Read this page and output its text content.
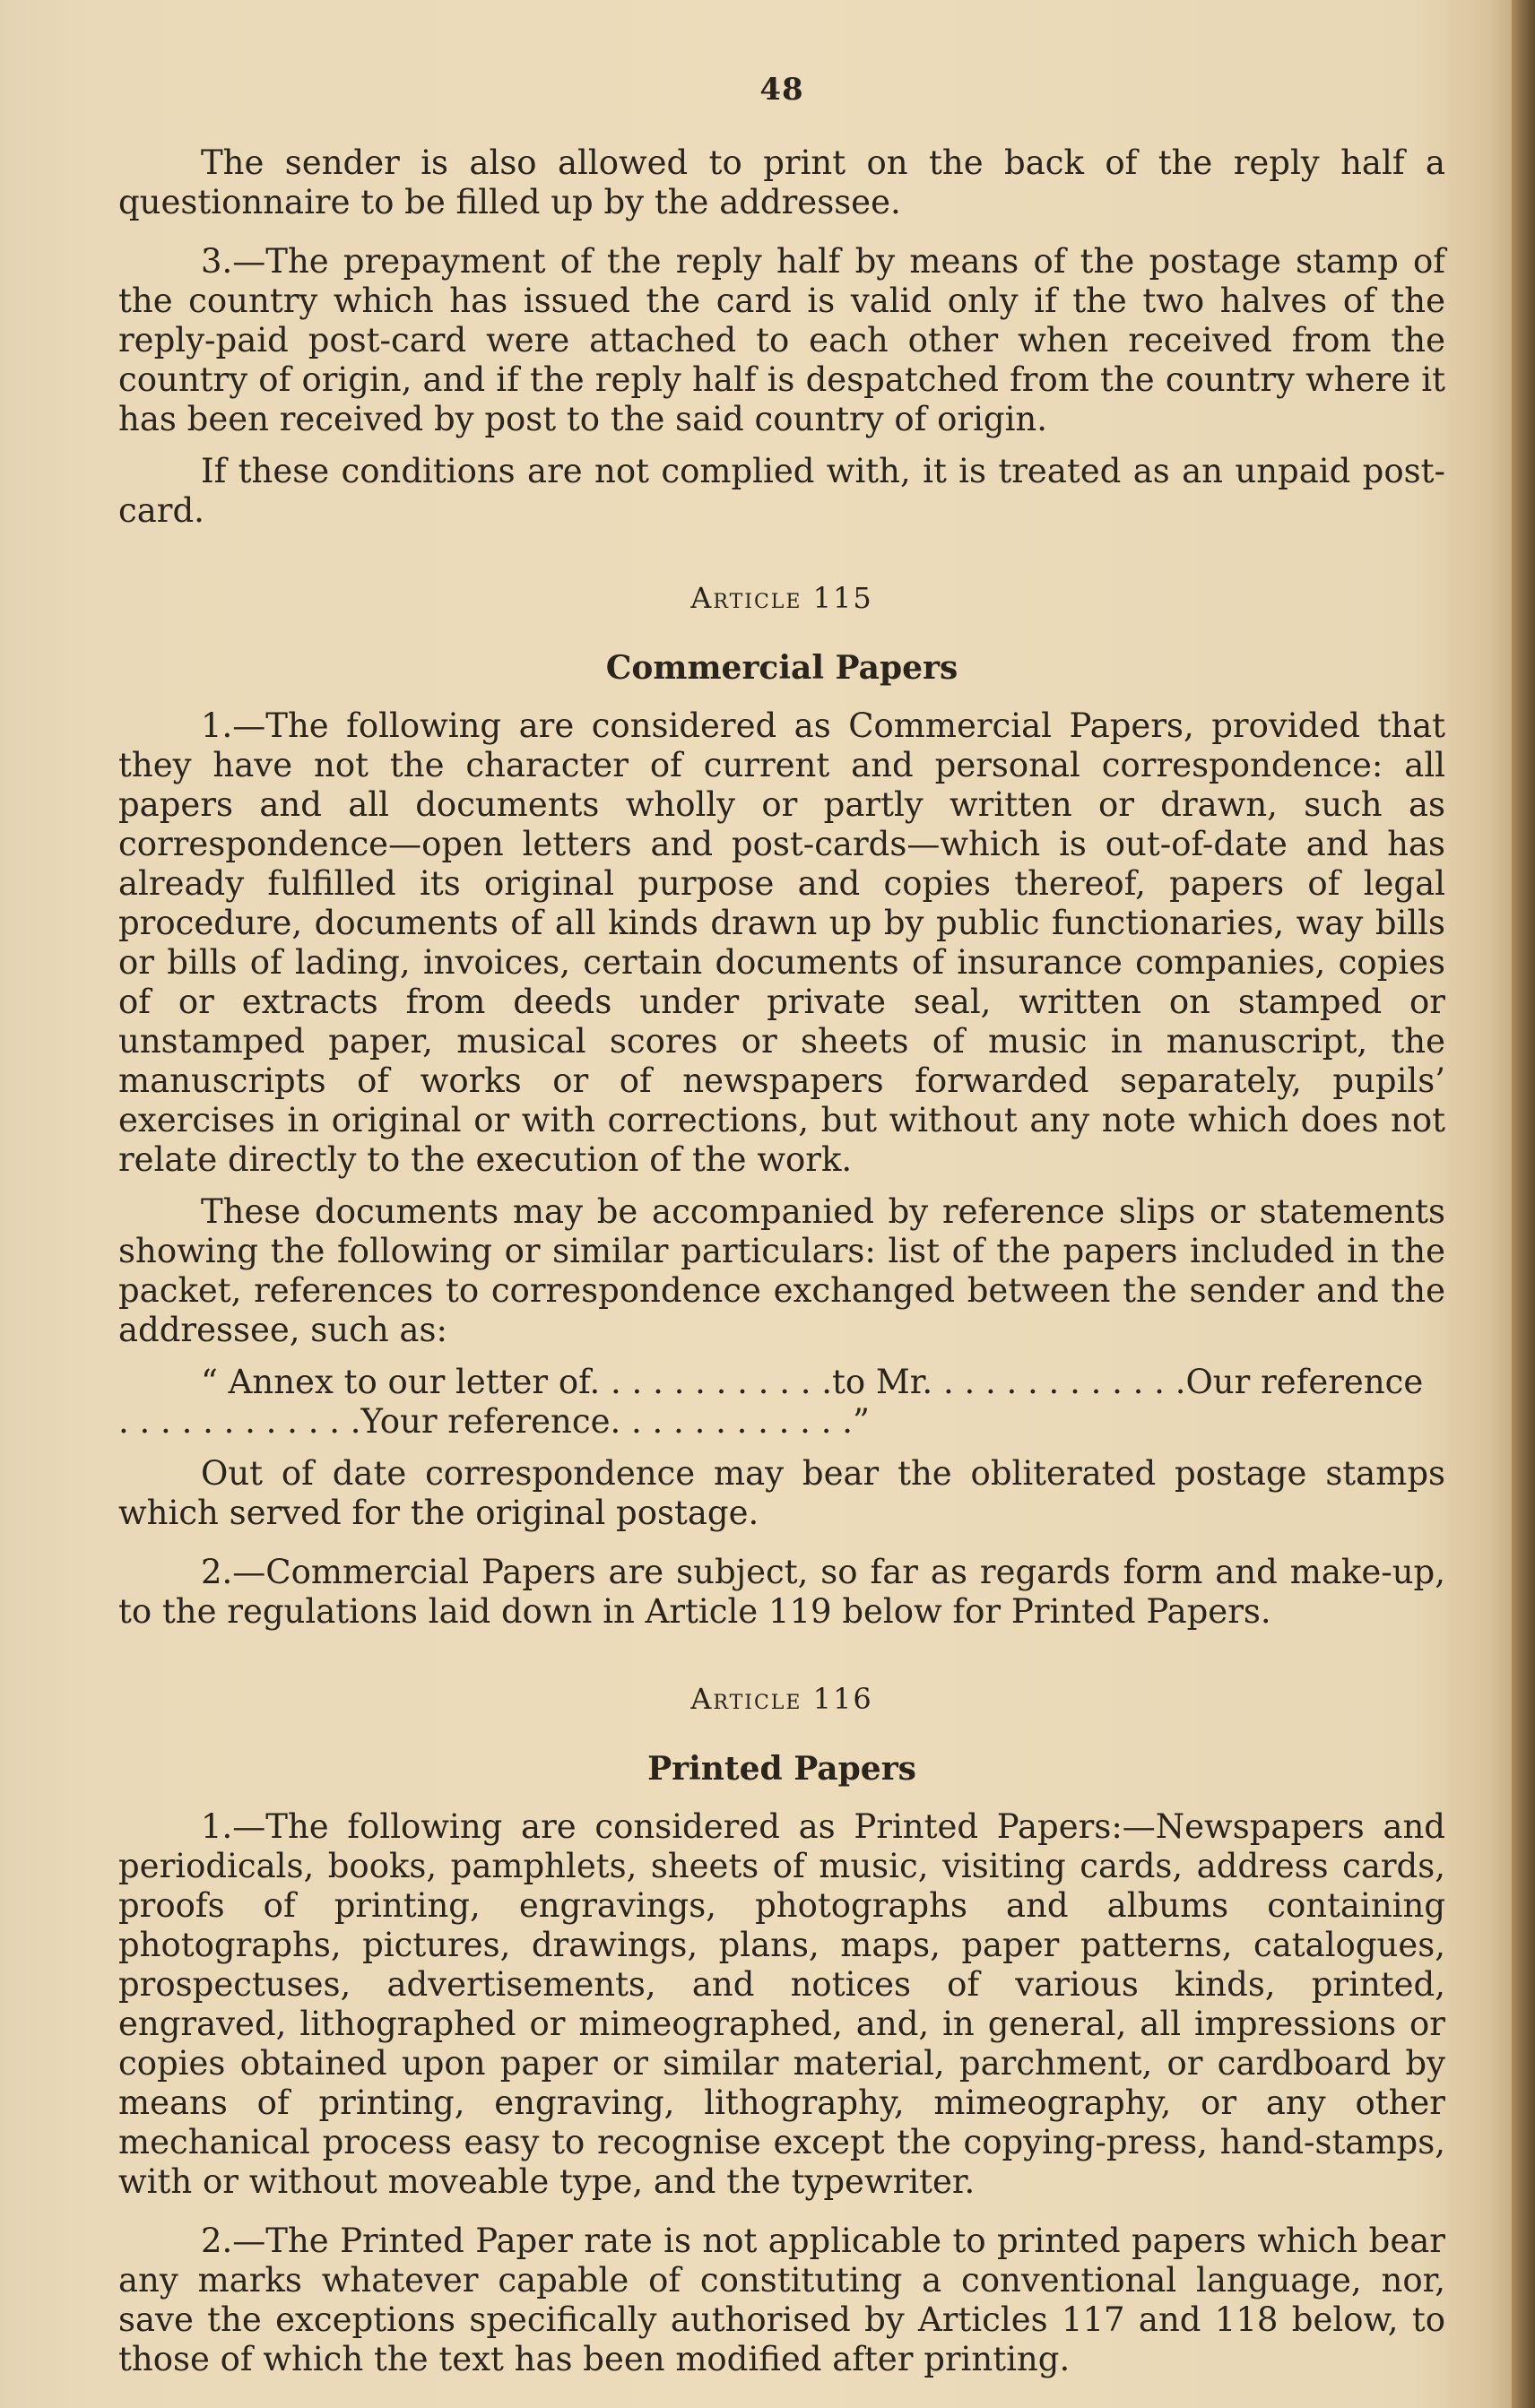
48

The sender is also allowed to print on the back of the reply half a questionnaire to be filled up by the addressee.

3.—The prepayment of the reply half by means of the postage stamp of the country which has issued the card is valid only if the two halves of the reply-paid post-card were attached to each other when received from the country of origin, and if the reply half is despatched from the country where it has been received by post to the said country of origin.

If these conditions are not complied with, it is treated as an unpaid post-card.

Article 115
Commercial Papers

1.—The following are considered as Commercial Papers, provided that they have not the character of current and personal correspondence: all papers and all documents wholly or partly written or drawn, such as correspondence—open letters and post-cards—which is out-of-date and has already fulfilled its original purpose and copies thereof, papers of legal procedure, documents of all kinds drawn up by public functionaries, way bills or bills of lading, invoices, certain documents of insurance companies, copies of or extracts from deeds under private seal, written on stamped or unstamped paper, musical scores or sheets of music in manuscript, the manuscripts of works or of newspapers forwarded separately, pupils’ exercises in original or with corrections, but without any note which does not relate directly to the execution of the work.

These documents may be accompanied by reference slips or statements showing the following or similar particulars: list of the papers included in the packet, references to correspondence exchanged between the sender and the addressee, such as:

“ Annex to our letter of. . . . . . . . . . . .to Mr. . . . . . . . . . . . .Our reference

. . . . . . . . . . . .Your reference. . . . . . . . . . . .”

Out of date correspondence may bear the obliterated postage stamps which served for the original postage.

2.—Commercial Papers are subject, so far as regards form and make-up, to the regulations laid down in Article 119 below for Printed Papers.

Article 116
Printed Papers

1.—The following are considered as Printed Papers:—Newspapers and periodicals, books, pamphlets, sheets of music, visiting cards, address cards, proofs of printing, engravings, photographs and albums containing photographs, pictures, drawings, plans, maps, paper patterns, catalogues, prospectuses, advertisements, and notices of various kinds, printed, engraved, lithographed or mimeographed, and, in general, all impressions or copies obtained upon paper or similar material, parchment, or cardboard by means of printing, engraving, lithography, mimeography, or any other mechanical process easy to recognise except the copying-press, hand-stamps, with or without moveable type, and the typewriter.

2.—The Printed Paper rate is not applicable to printed papers which bear any marks whatever capable of constituting a conventional language, nor, save the exceptions specifically authorised by Articles 117 and 118 below, to those of which the text has been modified after printing.
